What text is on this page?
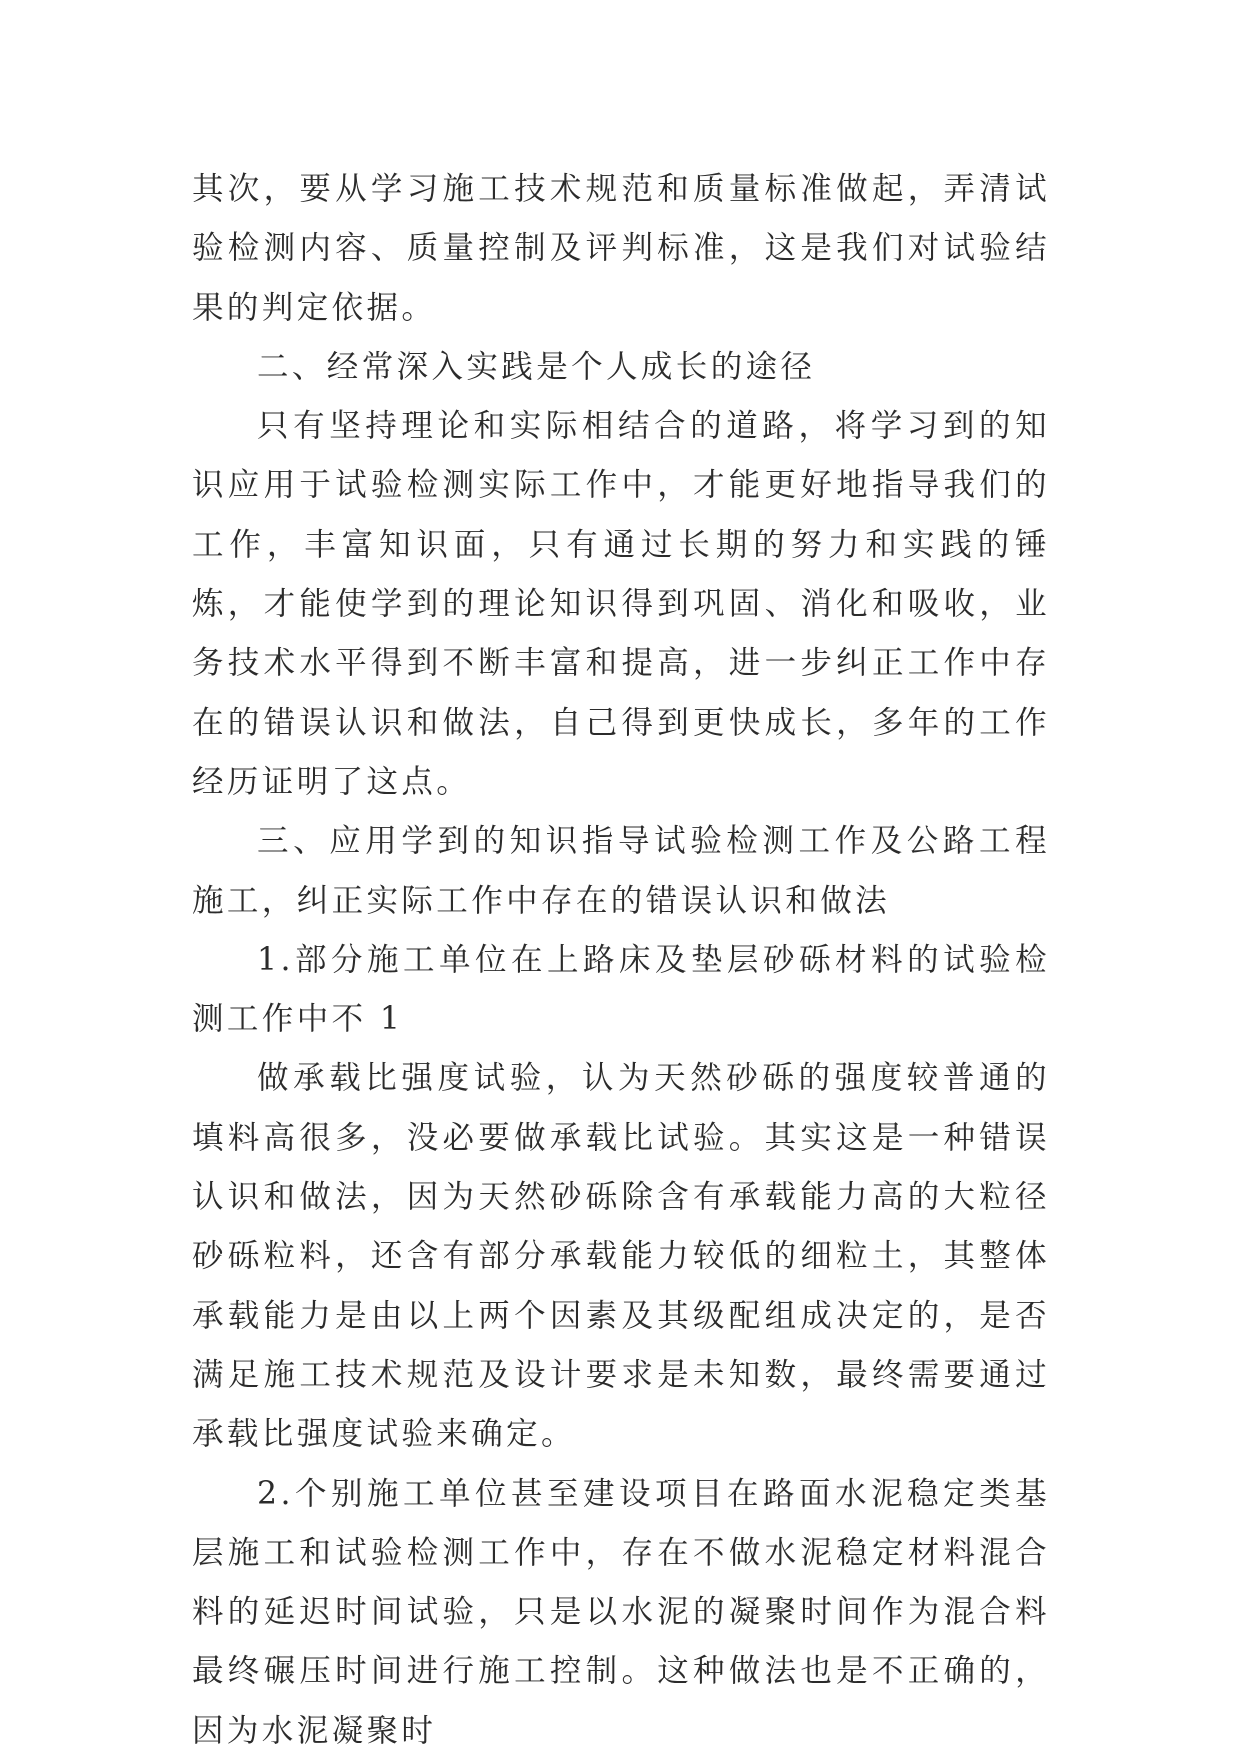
其次，要从学习施工技术规范和质量标准做起，弄清试验检测内容、质量控制及评判标准，这是我们对试验结果的判定依据。

二、经常深入实践是个人成长的途径

只有坚持理论和实际相结合的道路，将学习到的知识应用于试验检测实际工作中，才能更好地指导我们的工作，丰富知识面，只有通过长期的努力和实践的锤炼，才能使学到的理论知识得到巩固、消化和吸收，业务技术水平得到不断丰富和提高，进一步纠正工作中存在的错误认识和做法，自己得到更快成长，多年的工作经历证明了这点。

三、应用学到的知识指导试验检测工作及公路工程施工，纠正实际工作中存在的错误认识和做法

1.部分施工单位在上路床及垫层砂砾材料的试验检测工作中不 1

做承载比强度试验，认为天然砂砾的强度较普通的填料高很多，没必要做承载比试验。其实这是一种错误认识和做法，因为天然砂砾除含有承载能力高的大粒径砂砾粒料，还含有部分承载能力较低的细粒土，其整体承载能力是由以上两个因素及其级配组成决定的，是否满足施工技术规范及设计要求是未知数，最终需要通过承载比强度试验来确定。

2.个别施工单位甚至建设项目在路面水泥稳定类基层施工和试验检测工作中，存在不做水泥稳定材料混合料的延迟时间试验，只是以水泥的凝聚时间作为混合料最终碾压时间进行施工控制。这种做法也是不正确的，因为水泥凝聚时
